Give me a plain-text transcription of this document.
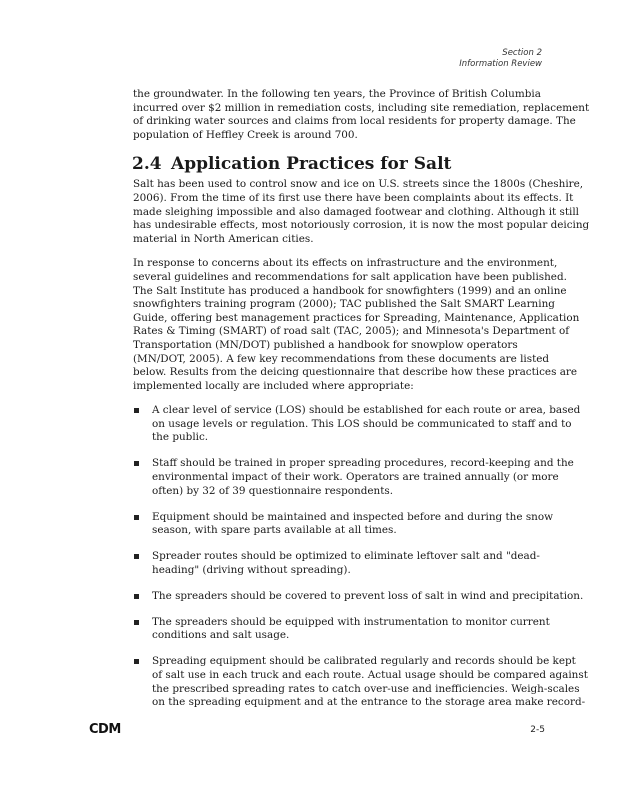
Section 2
Information Review

the groundwater. In the following ten years, the Province of British Columbia
incurred over $2 million in remediation costs, including site remediation, replacement
of drinking water sources and claims from local residents for property damage. The
population of Heffley Creek is around 700.

2.4 Application Practices for Salt

Salt has been used to control snow and ice on U.S. streets since the 1800s (Cheshire,
2006). From the time of its first use there have been complaints about its effects. It
made sleighing impossible and also damaged footwear and clothing. Although it still
has undesirable effects, most notoriously corrosion, it is now the most popular deicing
material in North American cities.

In response to concerns about its effects on infrastructure and the environment,
several guidelines and recommendations for salt application have been published.
The Salt Institute has produced a handbook for snowfighters (1999) and an online
snowfighters training program (2000); TAC published the Salt SMART Learning
Guide, offering best management practices for Spreading, Maintenance, Application
Rates & Timing (SMART) of road salt (TAC, 2005); and Minnesota's Department of
Transportation (MN/DOT) published a handbook for snowplow operators
(MN/DOT, 2005). A few key recommendations from these documents are listed
below. Results from the deicing questionnaire that describe how these practices are
implemented locally are included where appropriate:

A clear level of service (LOS) should be established for each route or area, based
on usage levels or regulation. This LOS should be communicated to staff and to
the public.
Staff should be trained in proper spreading procedures, record-keeping and the
environmental impact of their work. Operators are trained annually (or more
often) by 32 of 39 questionnaire respondents.
Equipment should be maintained and inspected before and during the snow
season, with spare parts available at all times.
Spreader routes should be optimized to eliminate leftover salt and "dead-
heading" (driving without spreading).
The spreaders should be covered to prevent loss of salt in wind and precipitation.
The spreaders should be equipped with instrumentation to monitor current
conditions and salt usage.
Spreading equipment should be calibrated regularly and records should be kept
of salt use in each truck and each route. Actual usage should be compared against
the prescribed spreading rates to catch over-use and inefficiencies. Weigh-scales
on the spreading equipment and at the entrance to the storage area make record-
CDM	2-5
